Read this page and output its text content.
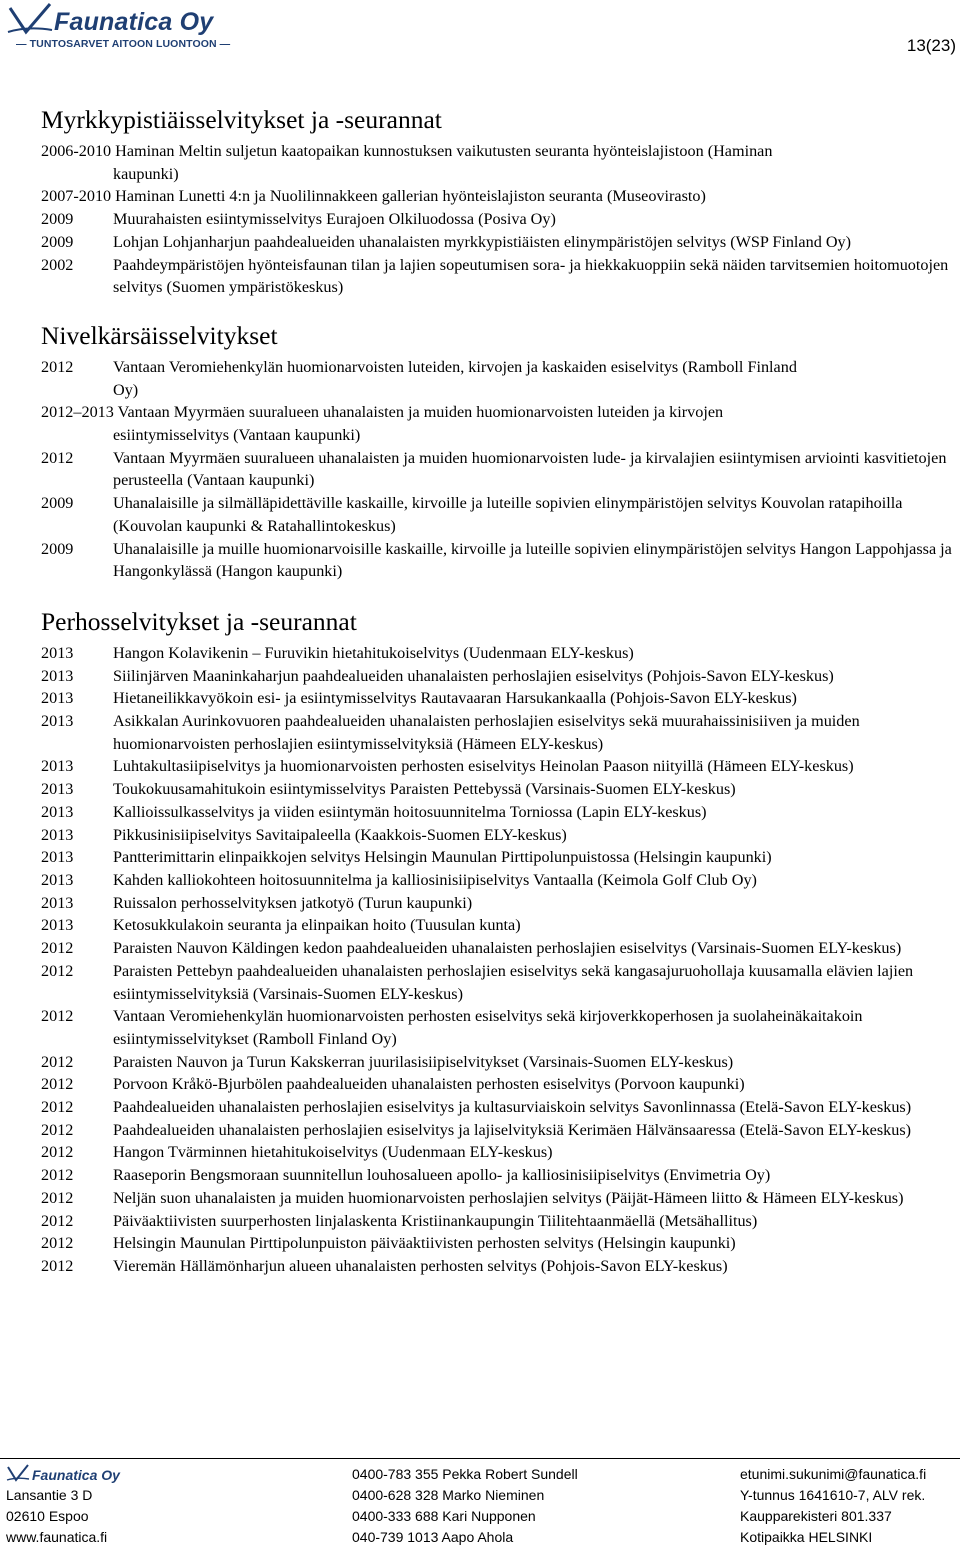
Faunatica Oy
— TUNTOSARVET AITOON LUONTOON —	13(23)
Myrkkypistiäisselvitykset ja -seurannat
2006-2010 Haminan Meltin suljetun kaatopaikan kunnostuksen vaikutusten seuranta hyönteislajistoon (Haminan
kaupunki)
2007-2010 Haminan Lunetti 4:n ja Nuolilinnakkeen gallerian hyönteislajiston seuranta (Museovirasto)
2009 Muurahaisten esiintymisselvitys Eurajoen Olkiluodossa (Posiva Oy)
2009 Lohjan Lohjanharjun paahdealueiden uhanalaisten myrkkypistiäisten elinympäristöjen selvitys (WSP Finland Oy)
2002 Paahdeympäristöjen hyönteisfaunan tilan ja lajien sopeutumisen sora- ja hiekkakuoppiin sekä näiden tarvitsemien hoitomuotojen selvitys (Suomen ympäristökeskus)
Nivelkärsäisselvitykset
2012 Vantaan Veromiehenkylän huomionarvoisten luteiden, kirvojen ja kaskaiden esiselvitys (Ramboll Finland
Oy)
2012–2013 Vantaan Myyrmäen suuralueen uhanalaisten ja muiden huomionarvoisten luteiden ja kirvojen
esiintymisselvitys (Vantaan kaupunki)
2012 Vantaan Myyrmäen suuralueen uhanalaisten ja muiden huomionarvoisten lude- ja kirvalajien esiintymisen arviointi kasvitietojen perusteella (Vantaan kaupunki)
2009 Uhanalaisille ja silmälläpidettäville kaskaille, kirvoille ja luteille sopivien elinympäristöjen selvitys Kouvolan ratapihoilla (Kouvolan kaupunki & Ratahallintokeskus)
2009 Uhanalaisille ja muille huomionarvoisille kaskaille, kirvoille ja luteille sopivien elinympäristöjen selvitys Hangon Lappohjassa ja Hangonkylässä (Hangon kaupunki)
Perhosselvitykset ja -seurannat
2013 Hangon Kolavikenin – Furuvikin hietahitukoiselvitys (Uudenmaan ELY-keskus)
2013 Siilinjärven Maaninkaharjun paahdealueiden uhanalaisten perhoslajien esiselvitys (Pohjois-Savon ELY-keskus)
2013 Hietaneilikkavyökoin esi- ja esiintymisselvitys Rautavaaran Harsukankaalla (Pohjois-Savon ELY-keskus)
2013 Asikkalan Aurinkovuoren paahdealueiden uhanalaisten perhoslajien esiselvitys sekä muurahaissinisiiven ja muiden huomionarvoisten perhoslajien esiintymisselvityksiä (Hämeen ELY-keskus)
2013 Luhtakultasiipiselvitys ja huomionarvoisten perhosten esiselvitys Heinolan Paason niityillä (Hämeen ELY-keskus)
2013 Toukokuusamahitukoin esiintymisselvitys Paraisten Pettebyssä (Varsinais-Suomen ELY-keskus)
2013 Kallioissulkasselvitys ja viiden esiintymän hoitosuunnitelma Torniossa (Lapin ELY-keskus)
2013 Pikkusinisiipiselvitys Savitaipaleella (Kaakkois-Suomen ELY-keskus)
2013 Pantterimittarin elinpaikkojen selvitys Helsingin Maunulan Pirttipolunpuistossa (Helsingin kaupunki)
2013 Kahden kalliokohteen hoitosuunnitelma ja kalliosinisiipiselvitys Vantaalla (Keimola Golf Club Oy)
2013 Ruissalon perhosselvityksen jatkotyö (Turun kaupunki)
2013 Ketosukkulakoin seuranta ja elinpaikan hoito (Tuusulan kunta)
2012 Paraisten Nauvon Käldingen kedon paahdealueiden uhanalaisten perhoslajien esiselvitys (Varsinais-Suomen ELY-keskus)
2012 Paraisten Pettebyn paahdealueiden uhanalaisten perhoslajien esiselvitys sekä kangasajuruohollaja kuusamalla elävien lajien esiintymisselvityksiä (Varsinais-Suomen ELY-keskus)
2012 Vantaan Veromiehenkylän huomionarvoisten perhosten esiselvitys sekä kirjoverkkoperhosen ja suolaheinäkaitakoin esiintymisselvitykset (Ramboll Finland Oy)
2012 Paraisten Nauvon ja Turun Kakskerran juurilasisiipiselvitykset (Varsinais-Suomen ELY-keskus)
2012 Porvoon Kråkö-Bjurbölen paahdealueiden uhanalaisten perhosten esiselvitys (Porvoon kaupunki)
2012 Paahdealueiden uhanalaisten perhoslajien esiselvitys ja kultasurviaiskoin selvitys Savonlinnassa (Etelä-Savon ELY-keskus)
2012 Paahdealueiden uhanalaisten perhoslajien esiselvitys ja lajiselvityksiä Kerimäen Hälvänsaaressa (Etelä-Savon ELY-keskus)
2012 Hangon Tvärminnen hietahitukoiselvitys (Uudenmaan ELY-keskus)
2012 Raaseporin Bengsmoraan suunnitellun louhosalueen apollo- ja kalliosinisiipiselvitys (Envimetria Oy)
2012 Neljän suon uhanalaisten ja muiden huomionarvoisten perhoslajien selvitys (Päijät-Hämeen liitto & Hämeen ELY-keskus)
2012 Päiväaktiivisten suurperhosten linjalaskenta Kristiinankaupungin Tiilitehtaanmäellä (Metsähallitus)
2012 Helsingin Maunulan Pirttipolunpuiston päiväaktiivisten perhosten selvitys (Helsingin kaupunki)
2012 Vieremän Hällämönharjun alueen uhanalaisten perhosten selvitys (Pohjois-Savon ELY-keskus)
Faunatica Oy
Lansantie 3 D
02610 Espoo
www.faunatica.fi
0400-783 355 Pekka Robert Sundell
0400-628 328 Marko Nieminen
0400-333 688 Kari Nupponen
040-739 1013 Aapo Ahola
etunimi.sukunimi@faunatica.fi
Y-tunnus 1641610-7, ALV rek.
Kaupparekisteri 801.337
Kotipaikka HELSINKI
